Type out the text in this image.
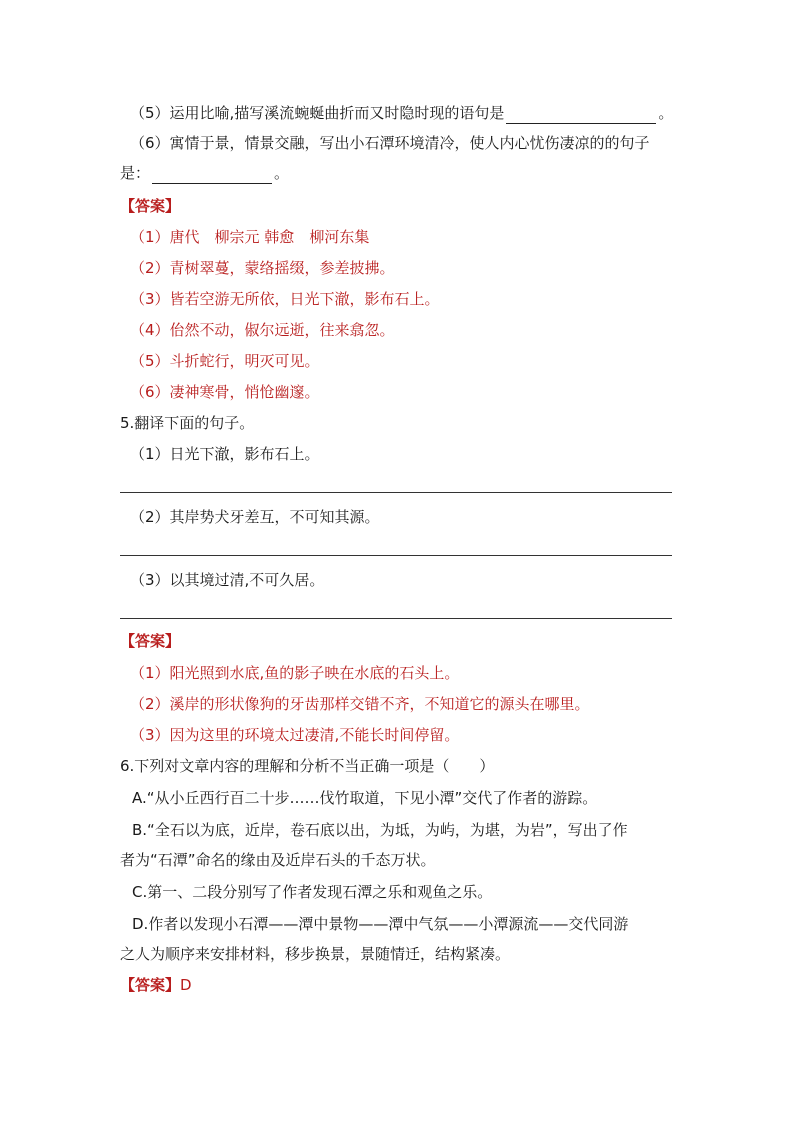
（5）运用比喻,描写溪流蜿蜒曲折而又时隐时现的语句是	。
（6）寓情于景，情景交融，写出小石潭环境清冷，使人内心忧伤凄凉的的句子
是：	。
【答案】
（1）唐代　柳宗元 韩愈　柳河东集
（2）青树翠蔓，蒙络摇缀，参差披拂。
（3）皆若空游无所依，日光下澈，影布石上。
（4）佁然不动，俶尔远逝，往来翕忽。
（5）斗折蛇行，明灭可见。
（6）凄神寒骨，悄怆幽邃。
5.翻译下面的句子。
（1）日光下澈，影布石上。
（2）其岸势犬牙差互，不可知其源。
（3）以其境过清,不可久居。
【答案】
（1）阳光照到水底,鱼的影子映在水底的石头上。
（2）溪岸的形状像狗的牙齿那样交错不齐，不知道它的源头在哪里。
（3）因为这里的环境太过凄清,不能长时间停留。
6.下列对文章内容的理解和分析不当正确一项是（　　）
A.“从小丘西行百二十步……伐竹取道，下见小潭”交代了作者的游踪。
B.“全石以为底，近岸，卷石底以出，为坻，为屿，为堪，为岩”，写出了作
者为“石潭”命名的缘由及近岸石头的千态万状。
C.第一、二段分别写了作者发现石潭之乐和观鱼之乐。
D.作者以发现小石潭——潭中景物——潭中气氛——小潭源流——交代同游
之人为顺序来安排材料，移步换景，景随情迁，结构紧凑。
【答案】D
